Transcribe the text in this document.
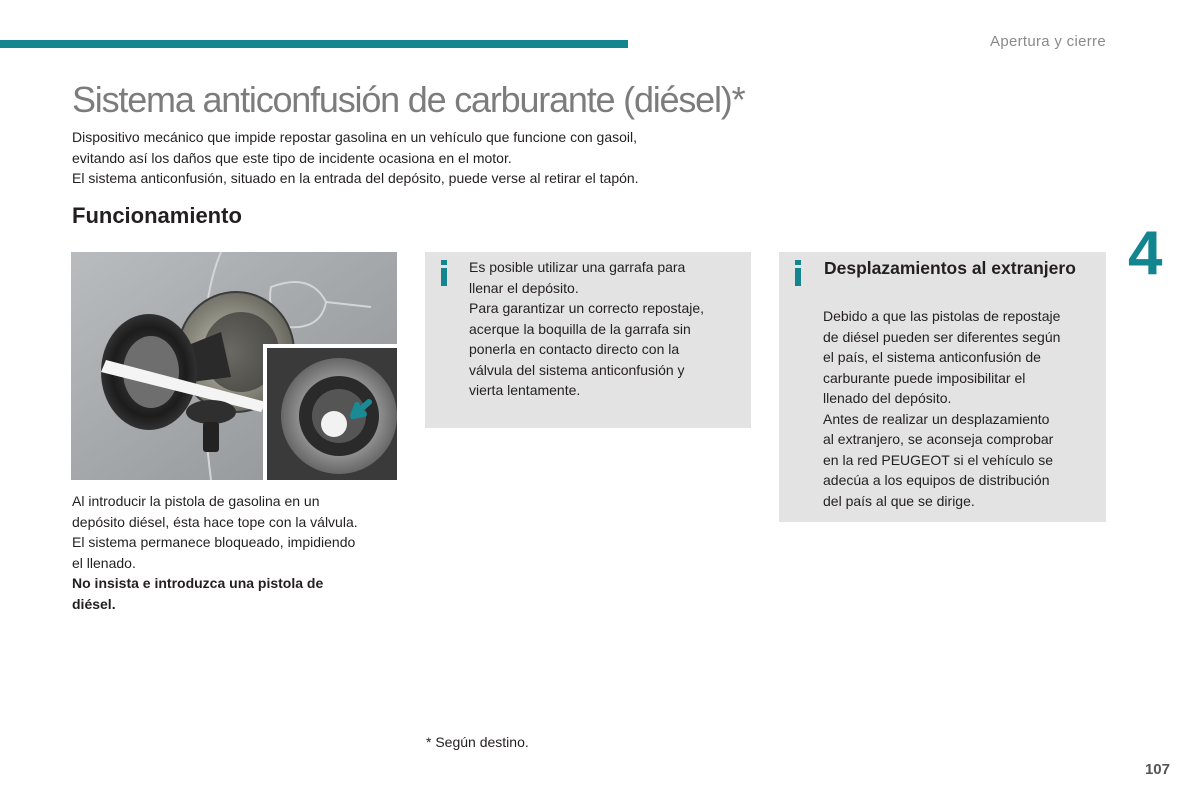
Apertura y cierre
Sistema anticonfusión de carburante (diésel)*

Dispositivo mecánico que impide repostar gasolina en un vehículo que funcione con gasoil,

evitando así los daños que este tipo de incidente ocasiona en el motor.

El sistema anticonfusión, situado en la entrada del depósito, puede verse al retirar el tapón.

Funcionamiento
4

Al introducir la pistola de gasolina en un

depósito diésel, ésta hace tope con la válvula.

El sistema permanece bloqueado, impidiendo

el llenado.

No insista e introduzca una pistola de

diésel.

Es posible utilizar una garrafa para

llenar el depósito.

Para garantizar un correcto repostaje,

acerque la boquilla de la garrafa sin

ponerla en contacto directo con la

válvula del sistema anticonfusión y

vierta lentamente.

Desplazamientos al extranjero

Debido a que las pistolas de repostaje

de diésel pueden ser diferentes según

el país, el sistema anticonfusión de

carburante puede imposibilitar el

llenado del depósito.

Antes de realizar un desplazamiento

al extranjero, se aconseja comprobar

en la red PEUGEOT si el vehículo se

adecúa a los equipos de distribución

del país al que se dirige.

* Según destino.
107
